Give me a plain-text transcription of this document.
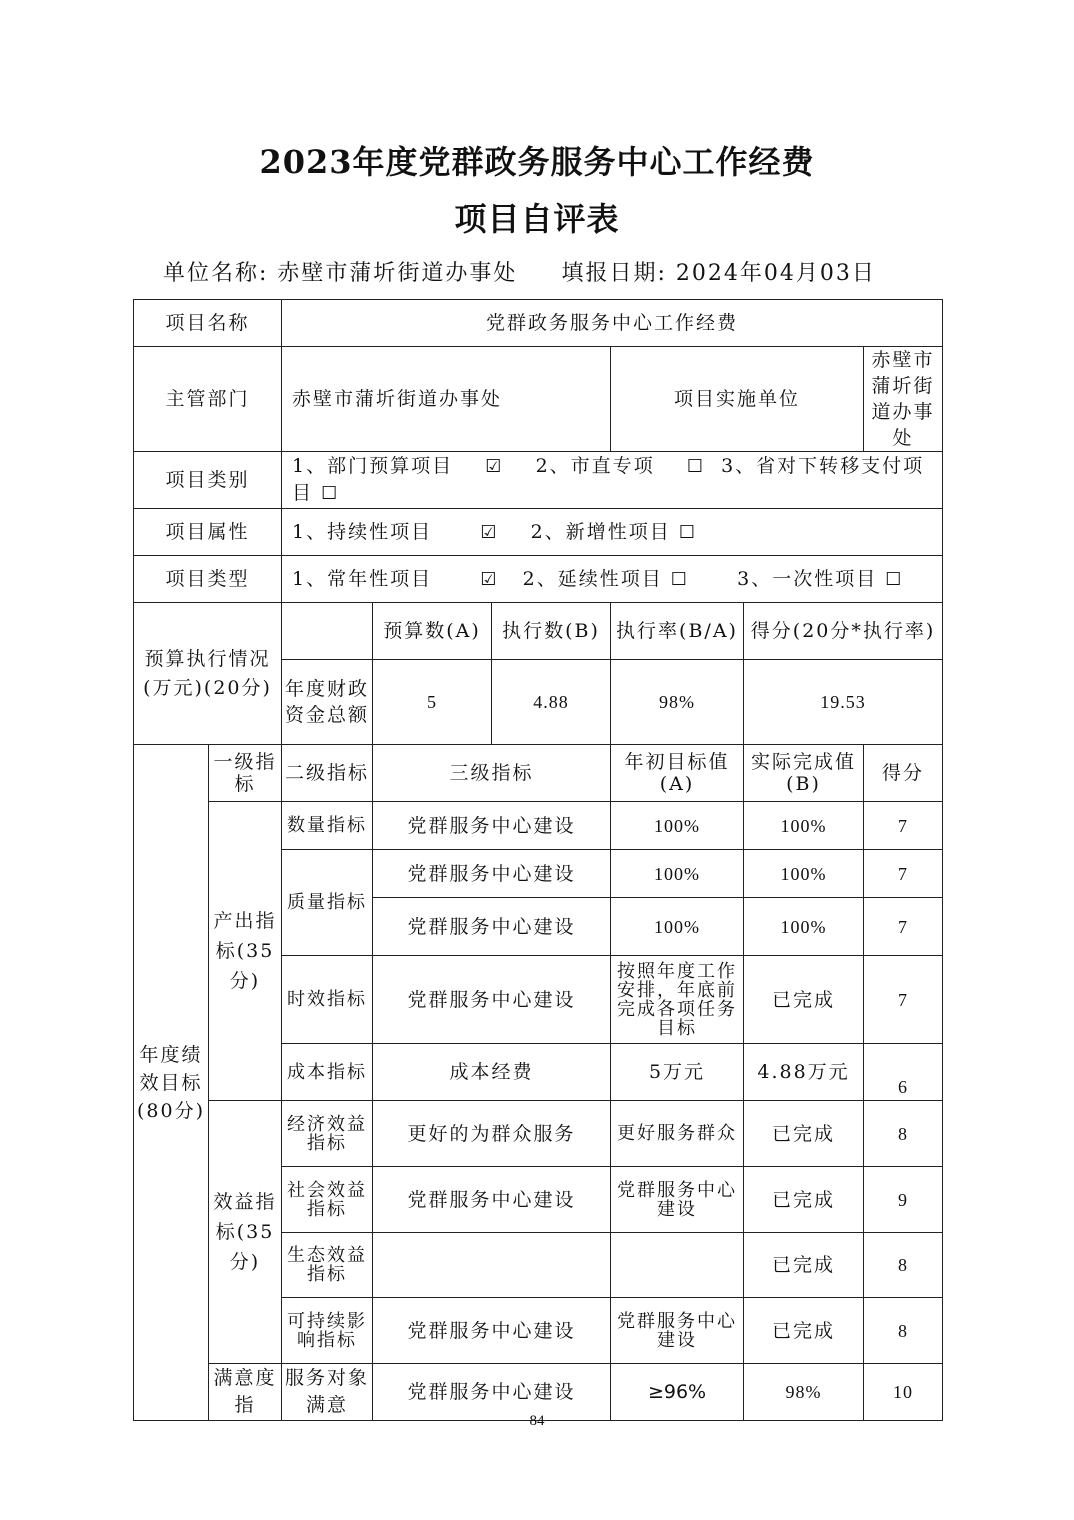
2023年度党群政务服务中心工作经费
项目自评表
单位名称: 赤壁市蒲圻街道办事处 填报日期: 2024年04月03日
项目名称		党群政务服务中心工作经费					
主管部门		赤壁市蒲圻街道办事处			项目实施单位		赤壁市蒲圻街道办事处
项目类别		1、部门预算项目 ☑ 2、市直专项 ☐ 3、省对下转移支付项目 ☐					
项目属性		1、持续性项目 ☑ 2、新增性项目 ☐					
项目类型		1、常年性项目 ☑ 2、延续性项目 ☐ 3、一次性项目 ☐					
预算执行情况(万元)(20分)			预算数(A)	执行数(B)	执行率(B/A)	得分(20分*执行率)	
		年度财政资金总额	5	4.88	98%	19.53	
年度绩效目标(80分)	一级指标	二级指标	三级指标		年初目标值(A)	实际完成值(B)	得分
	产出指标(35分)	数量指标	党群服务中心建设		100%	100%	7
		质量指标	党群服务中心建设		100%	100%	7
			党群服务中心建设		100%	100%	7
		时效指标	党群服务中心建设		按照年度工作安排，年底前完成各项任务目标	已完成	7
		成本指标	成本经费		5万元	4.88万元	6
	效益指标(35分)	经济效益指标	更好的为群众服务		更好服务群众	已完成	8
		社会效益指标	党群服务中心建设		党群服务中心建设	已完成	9
		生态效益指标				已完成	8
		可持续影响指标	党群服务中心建设		党群服务中心建设	已完成	8
	满意度指	服务对象满意	党群服务中心建设		≥96%	98%	10
84
